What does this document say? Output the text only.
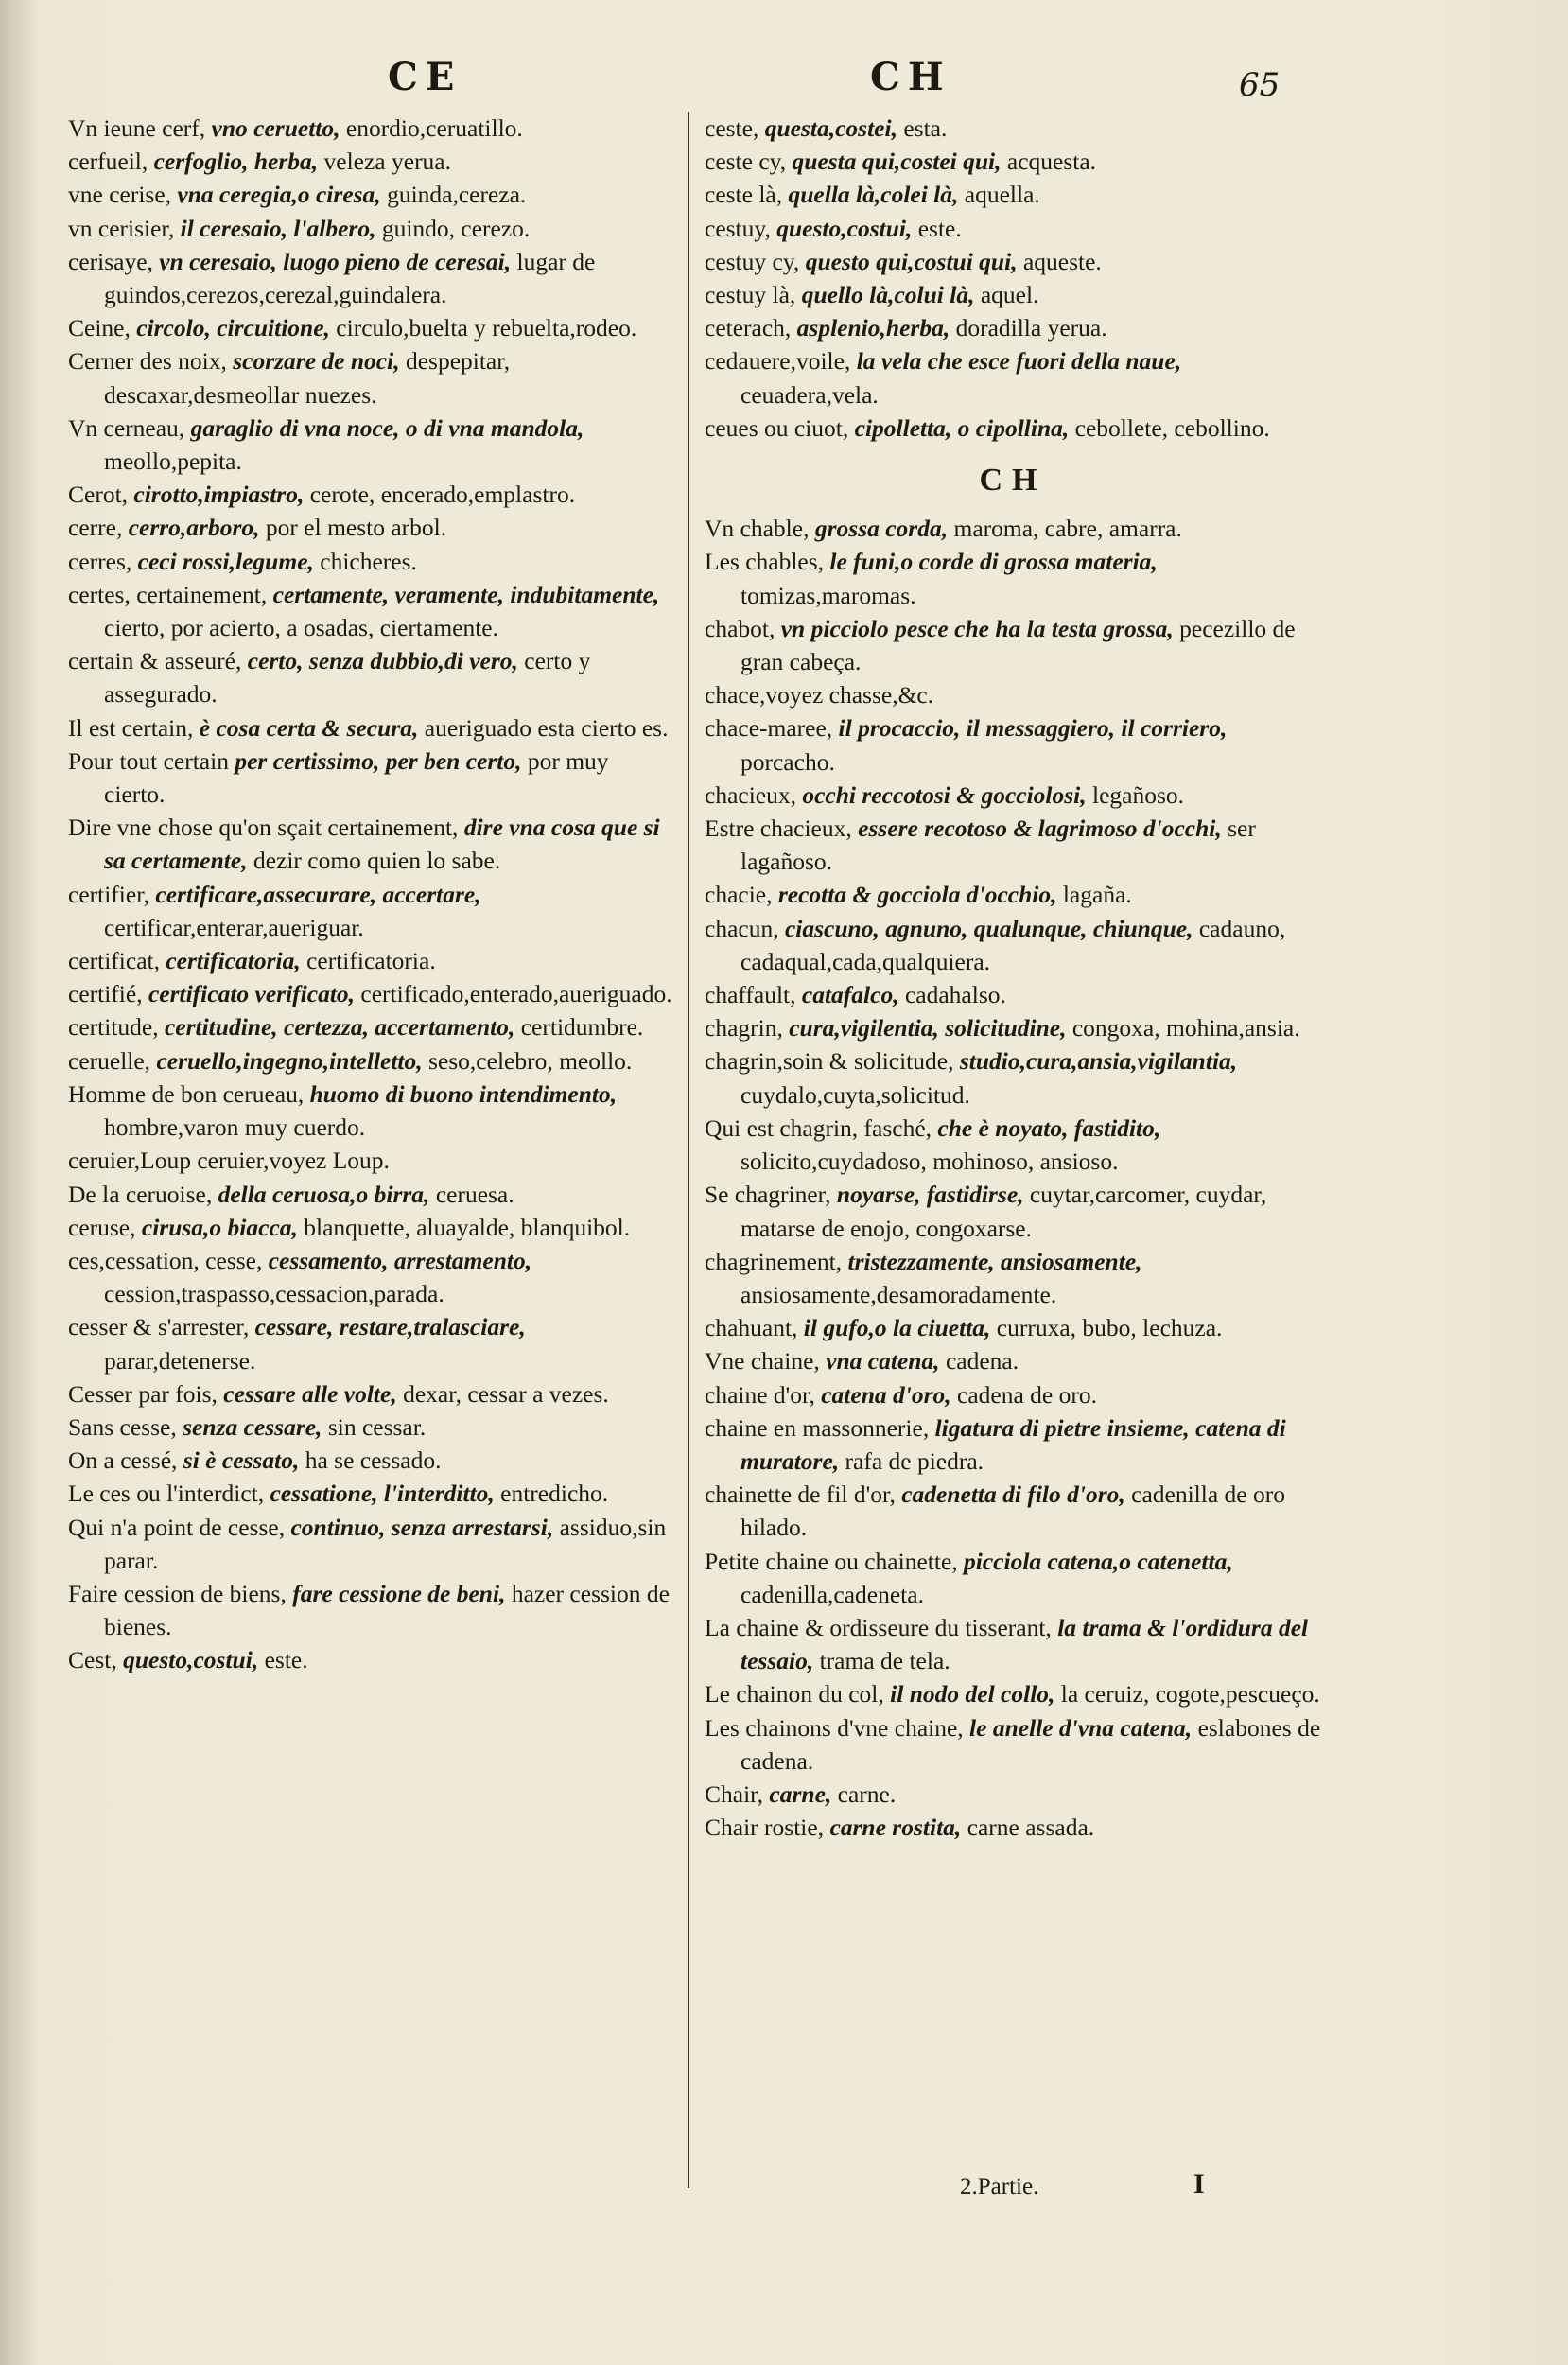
CE	CH	65

Vn ieune cerf, vno ceruetto, enordio,ceruatillo.

cerfueil, cerfoglio, herba, veleza yerua.

vne cerise, vna ceregia,o ciresa, guinda,cereza.

vn cerisier, il ceresaio, l'albero, guindo, cerezo.

cerisaye, vn ceresaio, luogo pieno de ceresai, lugar de guindos,cerezos,cerezal,guindalera.

Ceine, circolo, circuitione, circulo,buelta y rebuelta,rodeo.

Cerner des noix, scorzare de noci, despepitar, descaxar,desmeollar nuezes.

Vn cerneau, garaglio di vna noce, o di vna mandola, meollo,pepita.

Cerot, cirotto,impiastro, cerote, encerado,emplastro.

cerre, cerro,arboro, por el mesto arbol.

cerres, ceci rossi,legume, chicheres.

certes, certainement, certamente, veramente, indubitamente, cierto, por acierto, a osadas, ciertamente.

certain & asseuré, certo, senza dubbio,di vero, certo y assegurado.

Il est certain, è cosa certa & secura, aueriguado esta cierto es.

Pour tout certain per certissimo, per ben certo, por muy cierto.

Dire vne chose qu'on sçait certainement, dire vna cosa que si sa certamente, dezir como quien lo sabe.

certifier, certificare,assecurare, accertare, certificar,enterar,aueriguar.

certificat, certificatoria, certificatoria.

certifié, certificato verificato, certificado,enterado,aueriguado.

certitude, certitudine, certezza, accertamento, certidumbre.

ceruelle, ceruello,ingegno,intelletto, seso,celebro, meollo.

Homme de bon cerueau, huomo di buono intendimento, hombre,varon muy cuerdo.

ceruier,Loup ceruier,voyez Loup.

De la ceruoise, della ceruosa,o birra, ceruesa.

ceruse, cirusa,o biacca, blanquette, aluayalde, blanquibol.

ces,cessation, cesse, cessamento, arrestamento, cession,traspasso,cessacion,parada.

cesser & s'arrester, cessare, restare,tralasciare, parar,detenerse.

Cesser par fois, cessare alle volte, dexar, cessar a vezes.

Sans cesse, senza cessare, sin cessar.

On a cessé, si è cessato, ha se cessado.

Le ces ou l'interdict, cessatione, l'interditto, entredicho.

Qui n'a point de cesse, continuo, senza arrestarsi, assiduo,sin parar.

Faire cession de biens, fare cessione de beni, hazer cession de bienes.

Cest, questo,costui, este.

ceste, questa,costei, esta.

ceste cy, questa qui,costei qui, acquesta.

ceste là, quella là,colei là, aquella.

cestuy, questo,costui, este.

cestuy cy, questo qui,costui qui, aqueste.

cestuy là, quello là,colui là, aquel.

ceterach, asplenio,herba, doradilla yerua.

cedauere,voile, la vela che esce fuori della naue, ceuadera,vela.

ceues ou ciuot, cipolletta, o cipollina, cebollete, cebollino.

CH

Vn chable, grossa corda, maroma, cabre, amarra.

Les chables, le funi,o corde di grossa materia, tomizas,maromas.

chabot, vn picciolo pesce che ha la testa grossa, pecezillo de gran cabeça.

chace,voyez chasse,&c.

chace-maree, il procaccio, il messaggiero, il corriero, porcacho.

chacieux, occhi reccotosi & gocciolosi, legañoso.

Estre chacieux, essere recotoso & lagrimoso d'occhi, ser lagañoso.

chacie, recotta & gocciola d'occhio, lagaña.

chacun, ciascuno, agnuno, qualunque, chiunque, cadauno, cadaqual,cada,qualquiera.

chaffault, catafalco, cadahalso.

chagrin, cura,vigilentia, solicitudine, congoxa, mohina,ansia.

chagrin,soin & solicitude, studio,cura,ansia,vigilantia, cuydalo,cuyta,solicitud.

Qui est chagrin, fasché, che è noyato, fastidito, solicito,cuydadoso, mohinoso, ansioso.

Se chagriner, noyarse, fastidirse, cuytar,carcomer, cuydar, matarse de enojo, congoxarse.

chagrinement, tristezzamente, ansiosamente, ansiosamente,desamoradamente.

chahuant, il gufo,o la ciuetta, curruxa, bubo, lechuza.

Vne chaine, vna catena, cadena.

chaine d'or, catena d'oro, cadena de oro.

chaine en massonnerie, ligatura di pietre insieme, catena di muratore, rafa de piedra.

chainette de fil d'or, cadenetta di filo d'oro, cadenilla de oro hilado.

Petite chaine ou chainette, picciola catena,o catenetta, cadenilla,cadeneta.

La chaine & ordisseure du tisserant, la trama & l'ordidura del tessaio, trama de tela.

Le chainon du col, il nodo del collo, la ceruiz, cogote,pescueço.

Les chainons d'vne chaine, le anelle d'vna catena, eslabones de cadena.

Chair, carne, carne.

Chair rostie, carne rostita, carne assada.

2.Partie.	I
